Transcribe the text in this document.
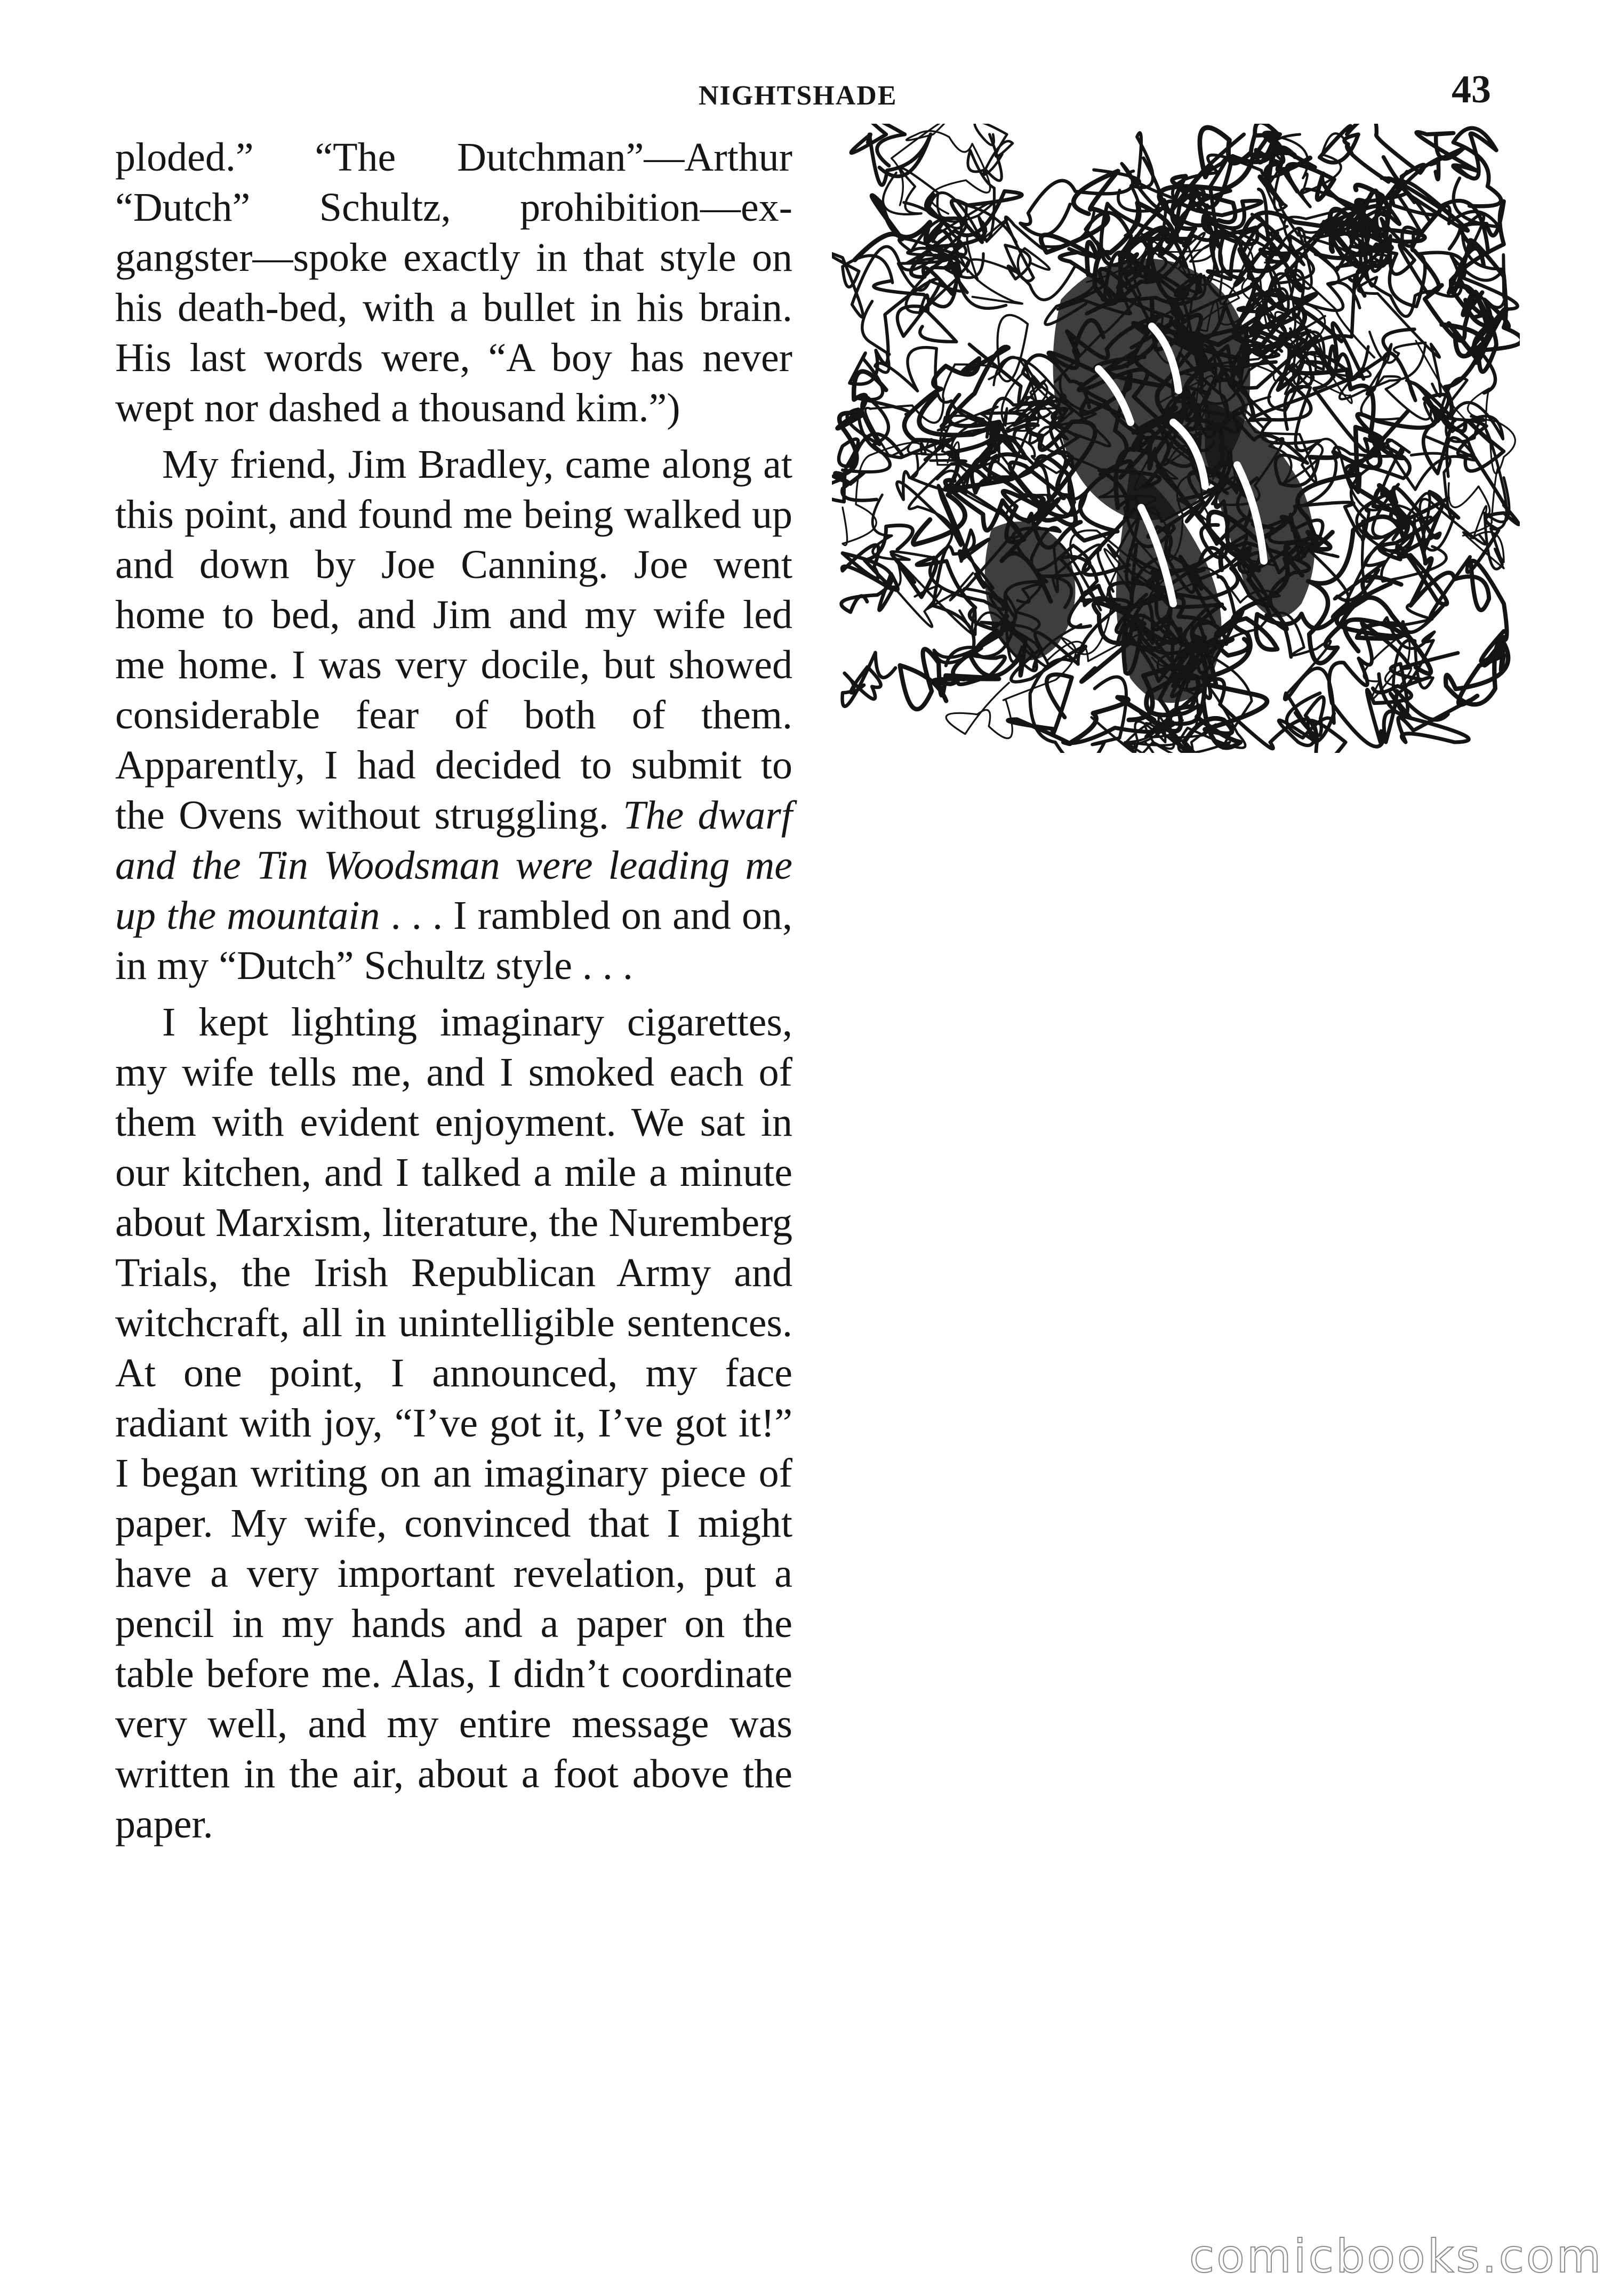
NIGHTSHADE	43

ploded.” “The Dutchman”—Arthur “Dutch” Schultz, prohibition—ex-gangster—spoke exactly in that style on his death-bed, with a bullet in his brain. His last words were, “A boy has never wept nor dashed a thousand kim.”)

My friend, Jim Bradley, came along at this point, and found me being walked up and down by Joe Canning. Joe went home to bed, and Jim and my wife led me home. I was very docile, but showed considerable fear of both of them. Apparently, I had decided to submit to the Ovens without struggling. The dwarf and the Tin Woodsman were leading me up the mountain . . . I rambled on and on, in my “Dutch” Schultz style . . .

I kept lighting imaginary cigarettes, my wife tells me, and I smoked each of them with evident enjoyment. We sat in our kitchen, and I talked a mile a minute about Marxism, literature, the Nuremberg Trials, the Irish Republican Army and witchcraft, all in unintelligible sentences. At one point, I announced, my face radiant with joy, “I’ve got it, I’ve got it!” I began writing on an imaginary piece of paper. My wife, convinced that I might have a very important revelation, put a pencil in my hands and a paper on the table before me. Alas, I didn’t coordinate very well, and my entire message was written in the air, about a foot above the paper.

comicbooks.com
